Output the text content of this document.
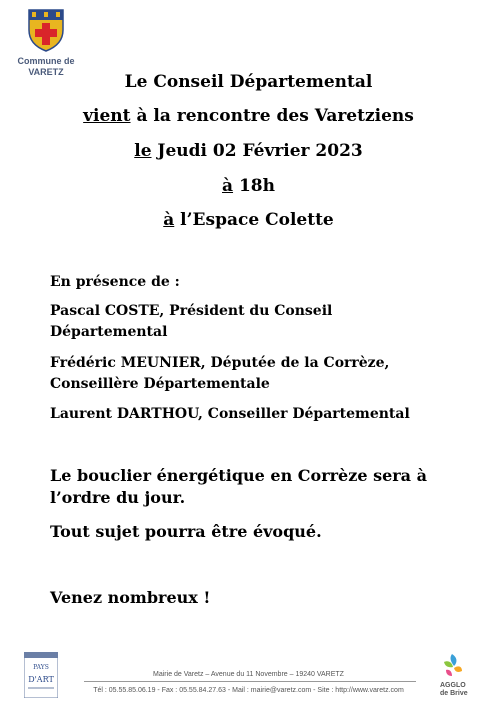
Commune de
VARETZ	Le Conseil Départemental
vient à la rencontre des Varetziens
le Jeudi 02 Février 2023
à 18h
à l’Espace Colette
En présence de :
Pascal COSTE, Président du Conseil
Départemental
Frédéric MEUNIER, Députée de la Corrèze,
Conseillère Départementale
Laurent DARTHOU, Conseiller Départemental
Le bouclier énergétique en Corrèze sera à
l’ordre du jour.
Tout sujet pourra être évoqué.
Venez nombreux !
PAYS
D'ART
Mairie de Varetz – Avenue du 11 Novembre – 19240 VARETZ
Tél : 05.55.85.06.19 - Fax : 05.55.84.27.63 - Mail : mairie@varetz.com - Site : http://www.varetz.com
AGGLO
de Brive
